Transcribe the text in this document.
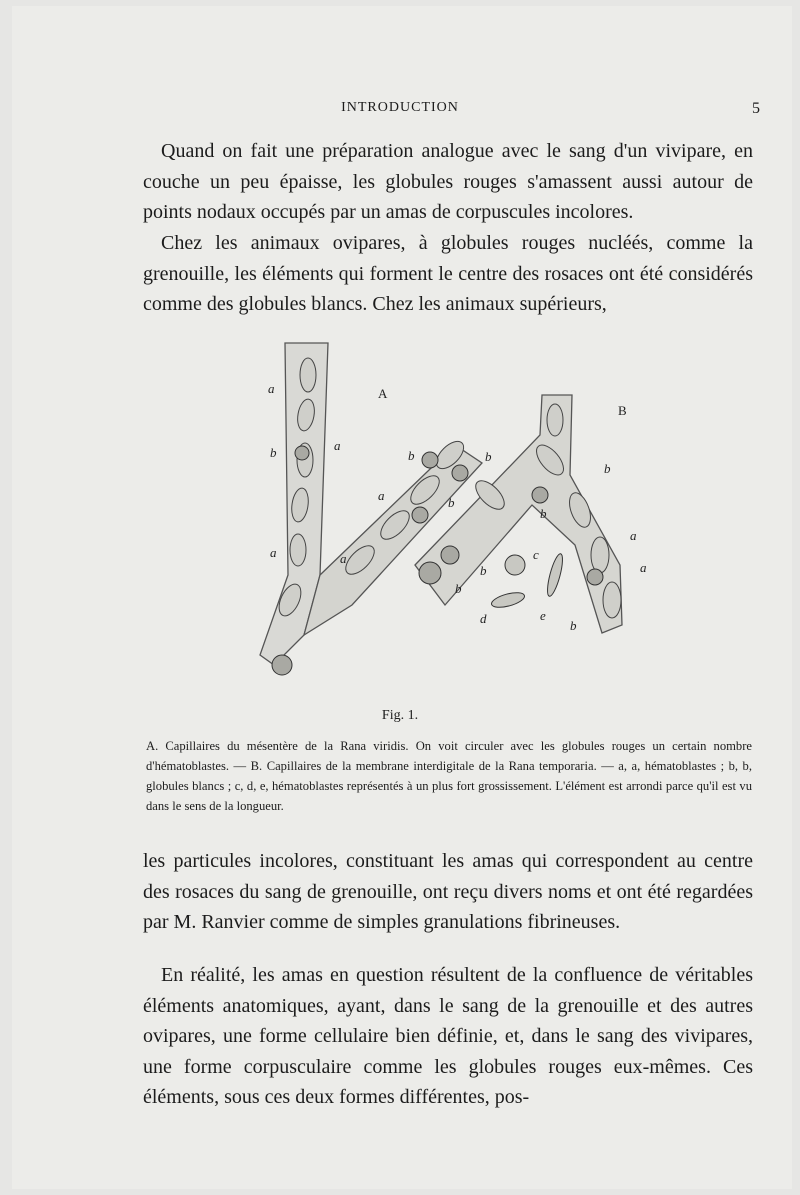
INTRODUCTION	5

Quand on fait une préparation analogue avec le sang d'un vivipare, en couche un peu épaisse, les globules rouges s'amassent aussi autour de points nodaux occupés par un amas de corpuscules incolores.

Chez les animaux ovipares, à globules rouges nucléés, comme la grenouille, les éléments qui forment le centre des rosaces ont été considérés comme des globules blancs. Chez les animaux supérieurs,

A
B
a
a
a
a	a
a
a
b	b	b
b
b
b
b
b
b
c
d	e
Fig. 1.

A. Capillaires du mésentère de la Rana viridis. On voit circuler avec les globules rouges un certain nombre d'hématoblastes. — B. Capillaires de la membrane interdigitale de la Rana temporaria. — a, a, hématoblastes ; b, b, globules blancs ; c, d, e, hématoblastes représentés à un plus fort grossissement. L'élément est arrondi parce qu'il est vu dans le sens de la longueur.

les particules incolores, constituant les amas qui correspondent au centre des rosaces du sang de grenouille, ont reçu divers noms et ont été regardées par M. Ranvier comme de simples granulations fibrineuses.

En réalité, les amas en question résultent de la confluence de véritables éléments anatomiques, ayant, dans le sang de la grenouille et des autres ovipares, une forme cellulaire bien définie, et, dans le sang des vivipares, une forme corpusculaire comme les globules rouges eux-mêmes. Ces éléments, sous ces deux formes différentes, pos-
